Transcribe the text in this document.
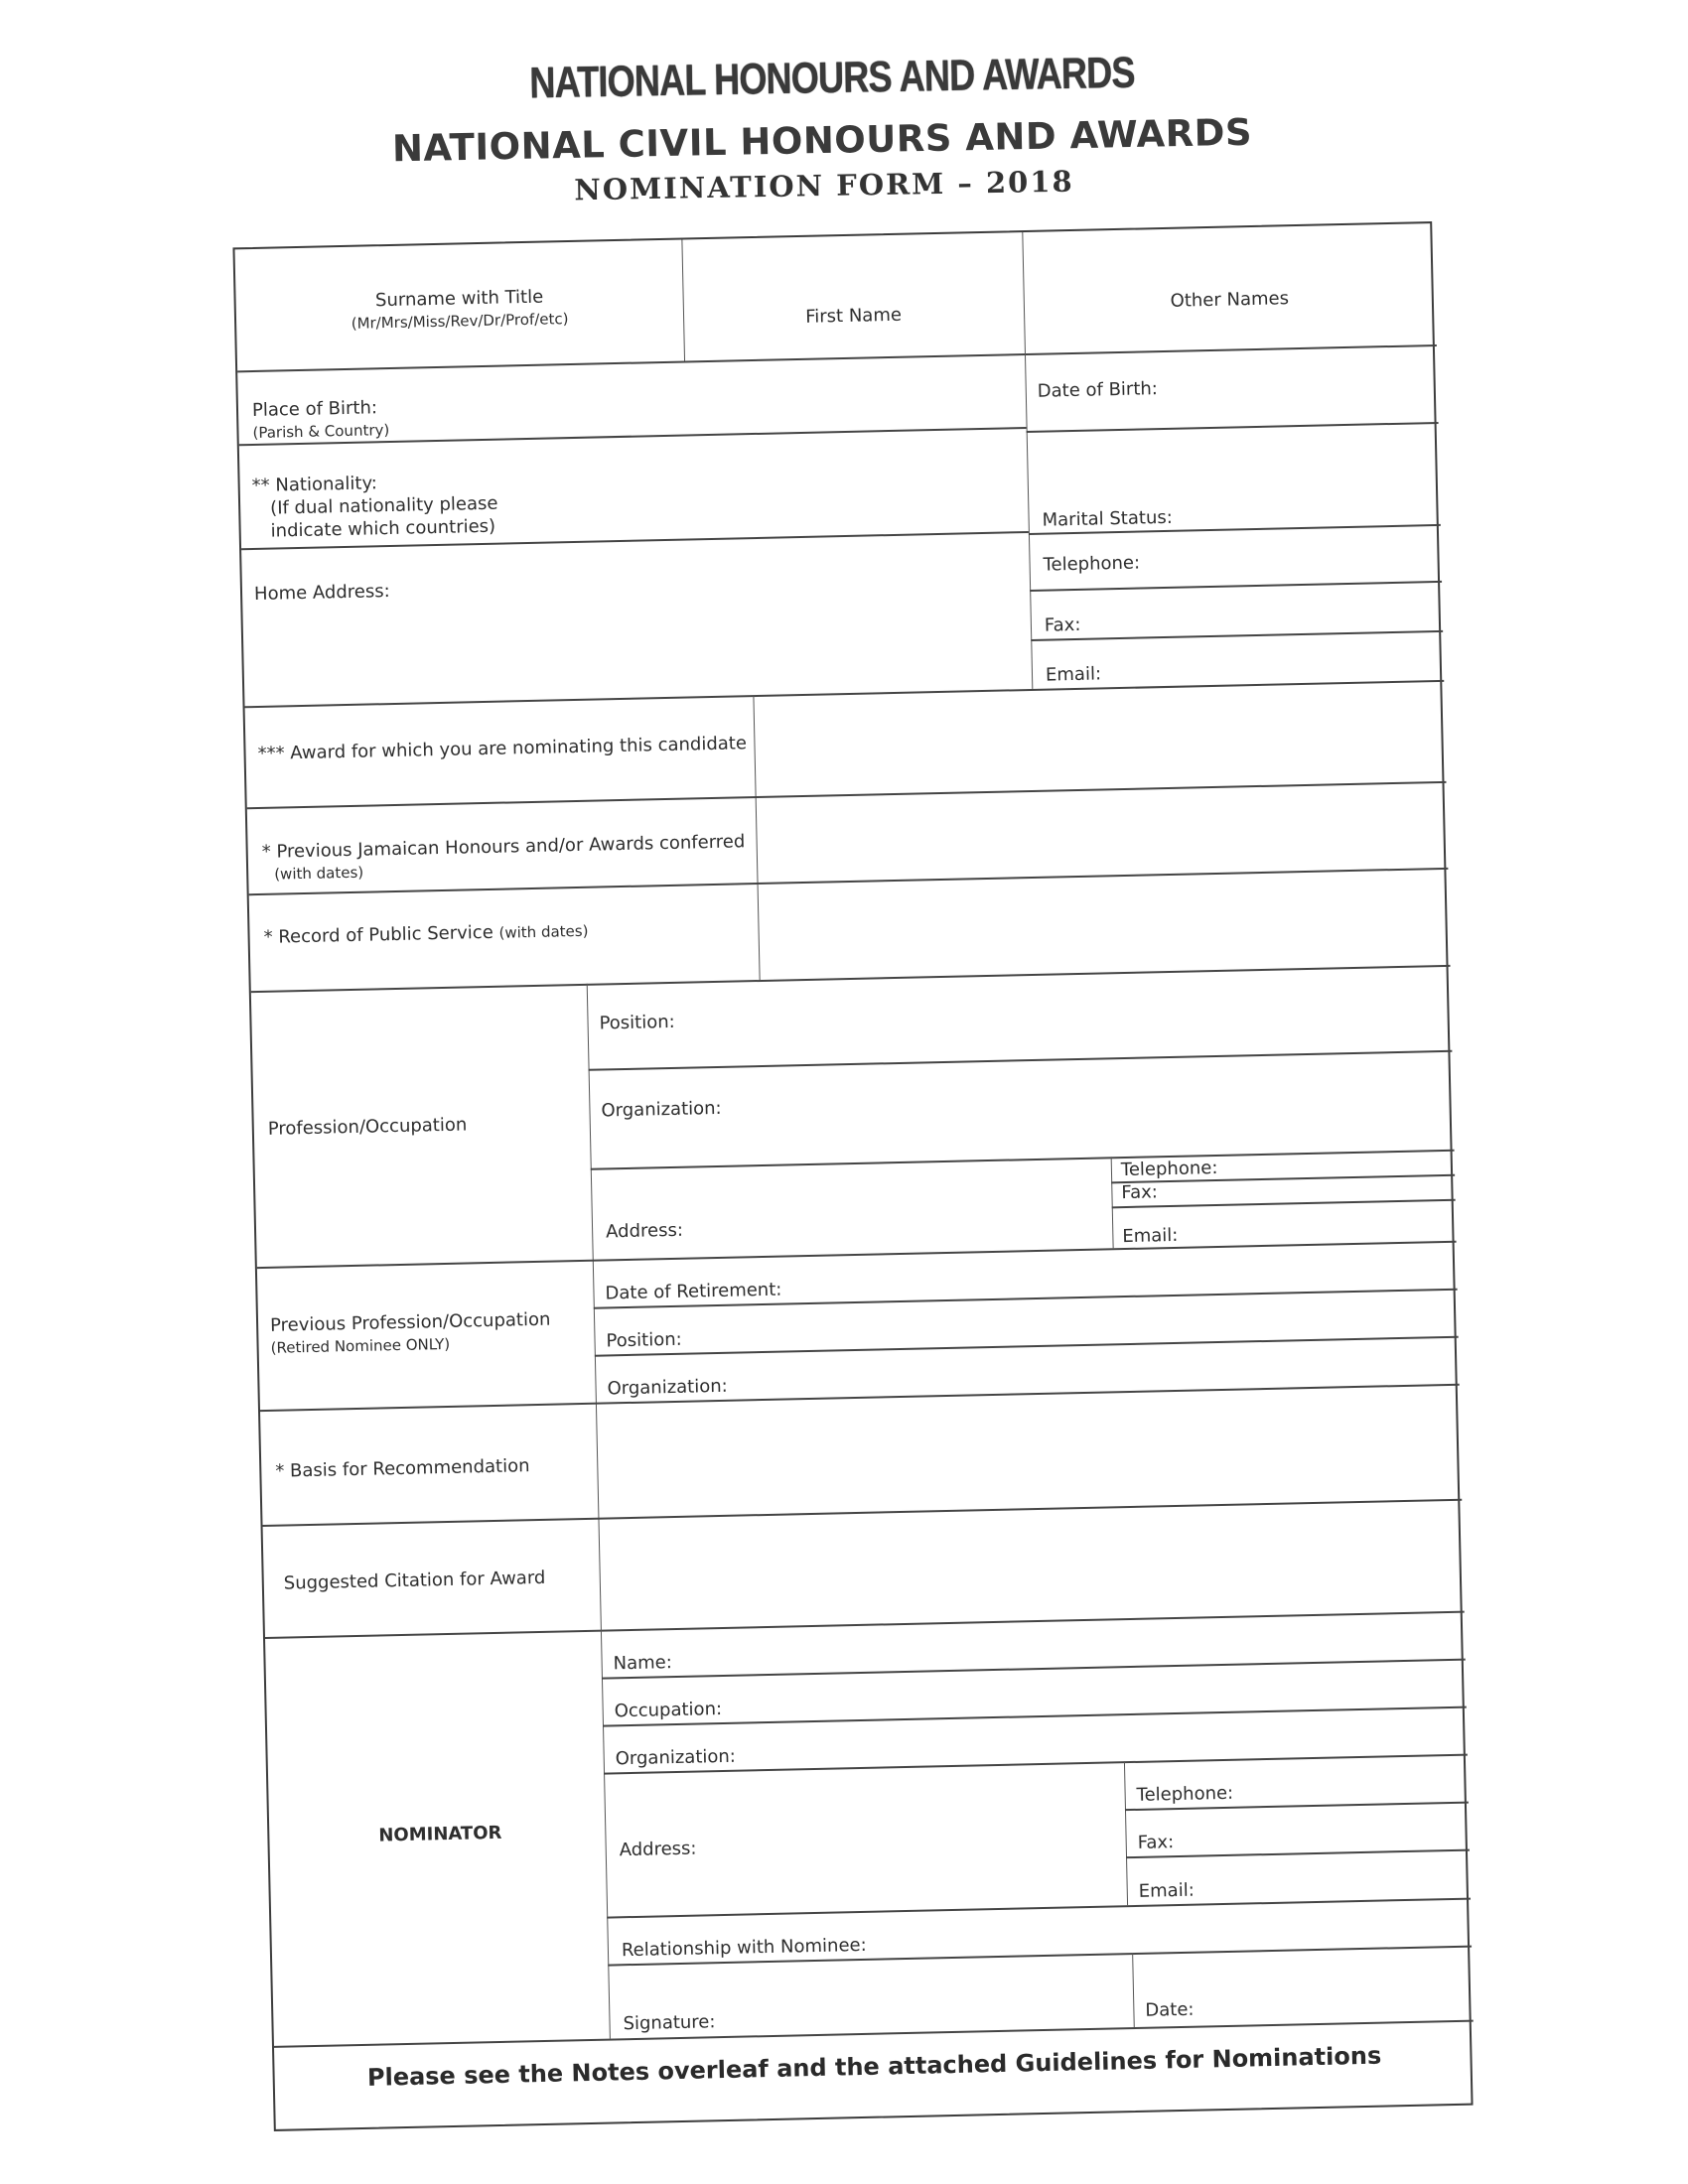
NATIONAL HONOURS AND AWARDS
NATIONAL CIVIL HONOURS AND AWARDS
NOMINATION FORM – 2018
Surname with Title
(Mr/Mrs/Miss/Rev/Dr/Prof/etc)	First Name
Other Names
Place of Birth:
(Parish & Country)
Date of Birth:
** Nationality:
(If dual nationality please
indicate which countries)	Marital Status:
Home Address:
Telephone:
Fax:
Email:
*** Award for which you are nominating this candidate
* Previous Jamaican Honours and/or Awards conferred
(with dates)
* Record of Public Service (with dates)
Profession/Occupation
Position:
Organization:
Address:
Telephone:
Fax:
Email:
Previous Profession/Occupation
(Retired Nominee ONLY)
Date of Retirement:
Position:
Organization:
* Basis for Recommendation
Suggested Citation for Award
NOMINATOR
Name:
Occupation:
Organization:
Address:
Telephone:
Fax:
Email:
Relationship with Nominee:
Signature:
Date:
Please see the Notes overleaf and the attached Guidelines for Nominations
